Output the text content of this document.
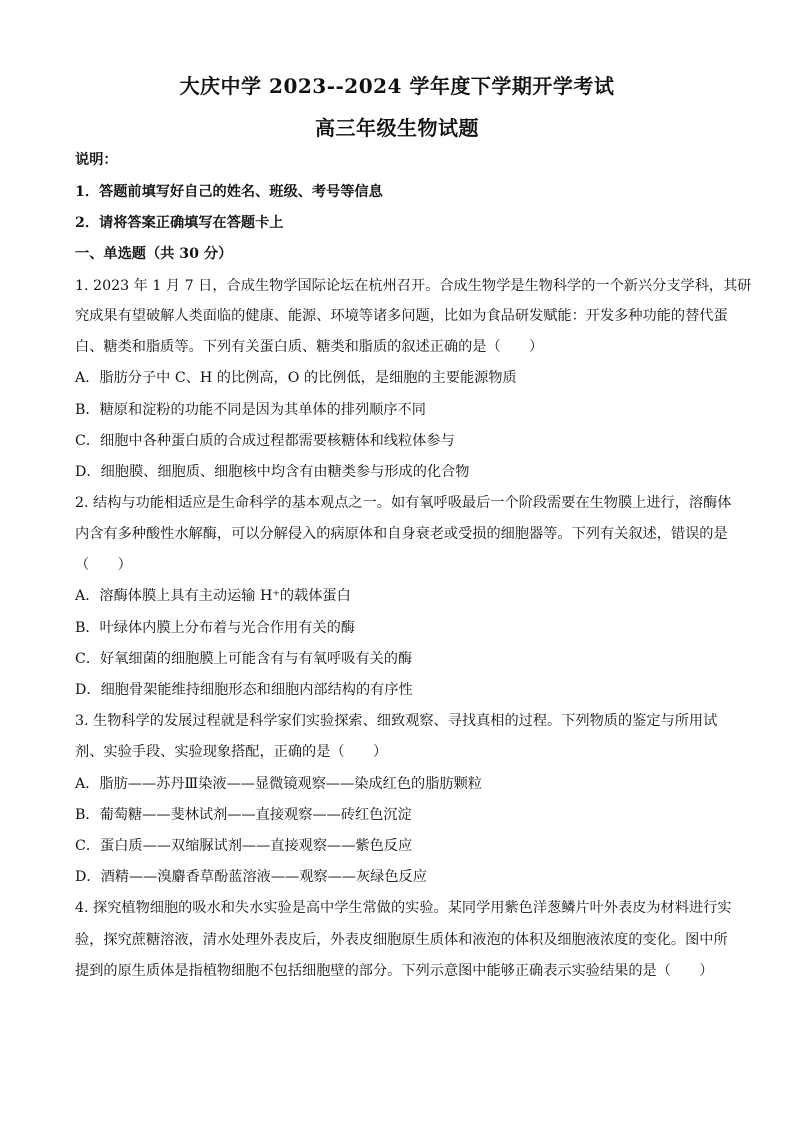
大庆中学 2023--2024 学年度下学期开学考试
高三年级生物试题
说明：
1．答题前填写好自己的姓名、班级、考号等信息
2．请将答案正确填写在答题卡上
一、单选题（共 30 分）
1. 2023 年 1 月 7 日，合成生物学国际论坛在杭州召开。合成生物学是生物科学的一个新兴分支学科，其研
究成果有望破解人类面临的健康、能源、环境等诸多问题，比如为食品研发赋能：开发多种功能的替代蛋
白、糖类和脂质等。下列有关蛋白质、糖类和脂质的叙述正确的是（　　）
A．脂肪分子中 C、H 的比例高，O 的比例低，是细胞的主要能源物质
B．糖原和淀粉的功能不同是因为其单体的排列顺序不同
C．细胞中各种蛋白质的合成过程都需要核糖体和线粒体参与
D．细胞膜、细胞质、细胞核中均含有由糖类参与形成的化合物
2. 结构与功能相适应是生命科学的基本观点之一。如有氧呼吸最后一个阶段需要在生物膜上进行，溶酶体
内含有多种酸性水解酶，可以分解侵入的病原体和自身衰老或受损的细胞器等。下列有关叙述，错误的是
（　　）
A．溶酶体膜上具有主动运输 H⁺的载体蛋白
B．叶绿体内膜上分布着与光合作用有关的酶
C．好氧细菌的细胞膜上可能含有与有氧呼吸有关的酶
D．细胞骨架能维持细胞形态和细胞内部结构的有序性
3. 生物科学的发展过程就是科学家们实验探索、细致观察、寻找真相的过程。下列物质的鉴定与所用试
剂、实验手段、实验现象搭配，正确的是（　　）
A．脂肪——苏丹Ⅲ染液——显微镜观察——染成红色的脂肪颗粒
B．葡萄糖——斐林试剂——直接观察——砖红色沉淀
C．蛋白质——双缩脲试剂——直接观察——紫色反应
D．酒精——溴麝香草酚蓝溶液——观察——灰绿色反应
4. 探究植物细胞的吸水和失水实验是高中学生常做的实验。某同学用紫色洋葱鳞片叶外表皮为材料进行实
验，探究蔗糖溶液，清水处理外表皮后，外表皮细胞原生质体和液泡的体积及细胞液浓度的变化。图中所
提到的原生质体是指植物细胞不包括细胞壁的部分。下列示意图中能够正确表示实验结果的是（　　）
